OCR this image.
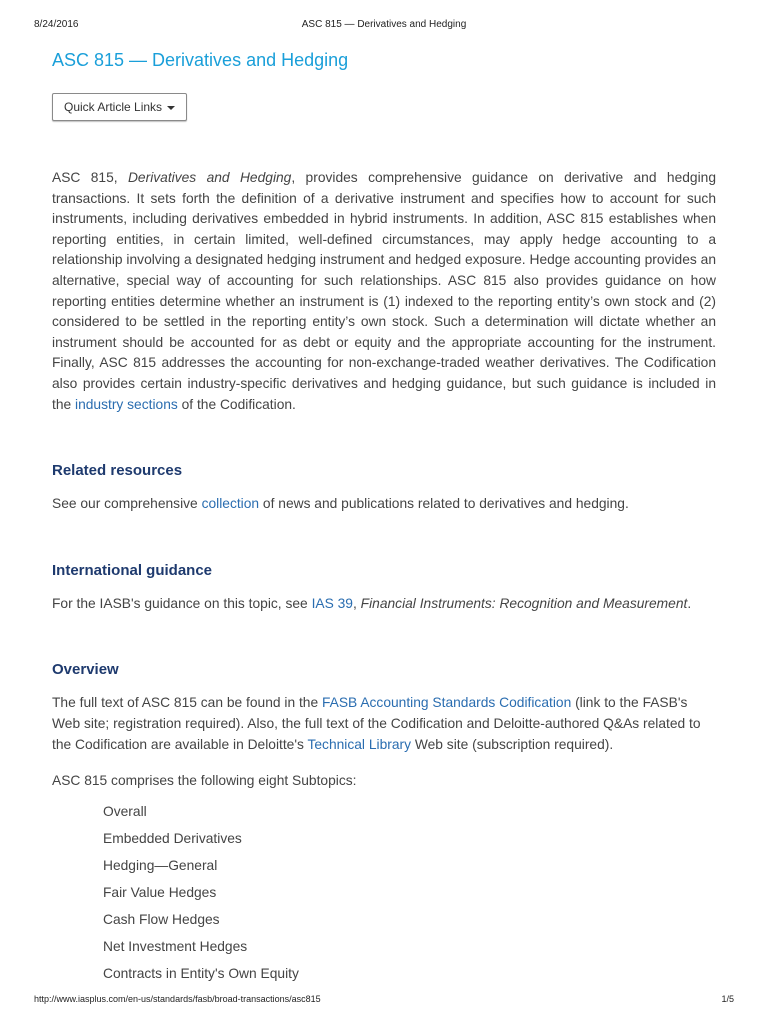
8/24/2016	ASC 815 — Derivatives and Hedging
ASC 815 — Derivatives and Hedging
Quick Article Links

ASC 815, Derivatives and Hedging, provides comprehensive guidance on derivative and hedging transactions. It sets forth the definition of a derivative instrument and specifies how to account for such instruments, including derivatives embedded in hybrid instruments. In addition, ASC 815 establishes when reporting entities, in certain limited, well-defined circumstances, may apply hedge accounting to a relationship involving a designated hedging instrument and hedged exposure. Hedge accounting provides an alternative, special way of accounting for such relationships. ASC 815 also provides guidance on how reporting entities determine whether an instrument is (1) indexed to the reporting entity’s own stock and (2) considered to be settled in the reporting entity’s own stock. Such a determination will dictate whether an instrument should be accounted for as debt or equity and the appropriate accounting for the instrument. Finally, ASC 815 addresses the accounting for non-exchange-traded weather derivatives. The Codification also provides certain industry-specific derivatives and hedging guidance, but such guidance is included in the industry sections of the Codification.

Related resources

See our comprehensive collection of news and publications related to derivatives and hedging.

International guidance

For the IASB's guidance on this topic, see IAS 39, Financial Instruments: Recognition and Measurement.

Overview

The full text of ASC 815 can be found in the FASB Accounting Standards Codification (link to the FASB's Web site; registration required). Also, the full text of the Codification and Deloitte-authored Q&As related to the Codification are available in Deloitte's Technical Library Web site (subscription required).

ASC 815 comprises the following eight Subtopics:

Overall
Embedded Derivatives
Hedging—General
Fair Value Hedges
Cash Flow Hedges
Net Investment Hedges
Contracts in Entity's Own Equity
http://www.iasplus.com/en-us/standards/fasb/broad-transactions/asc815	1/5
